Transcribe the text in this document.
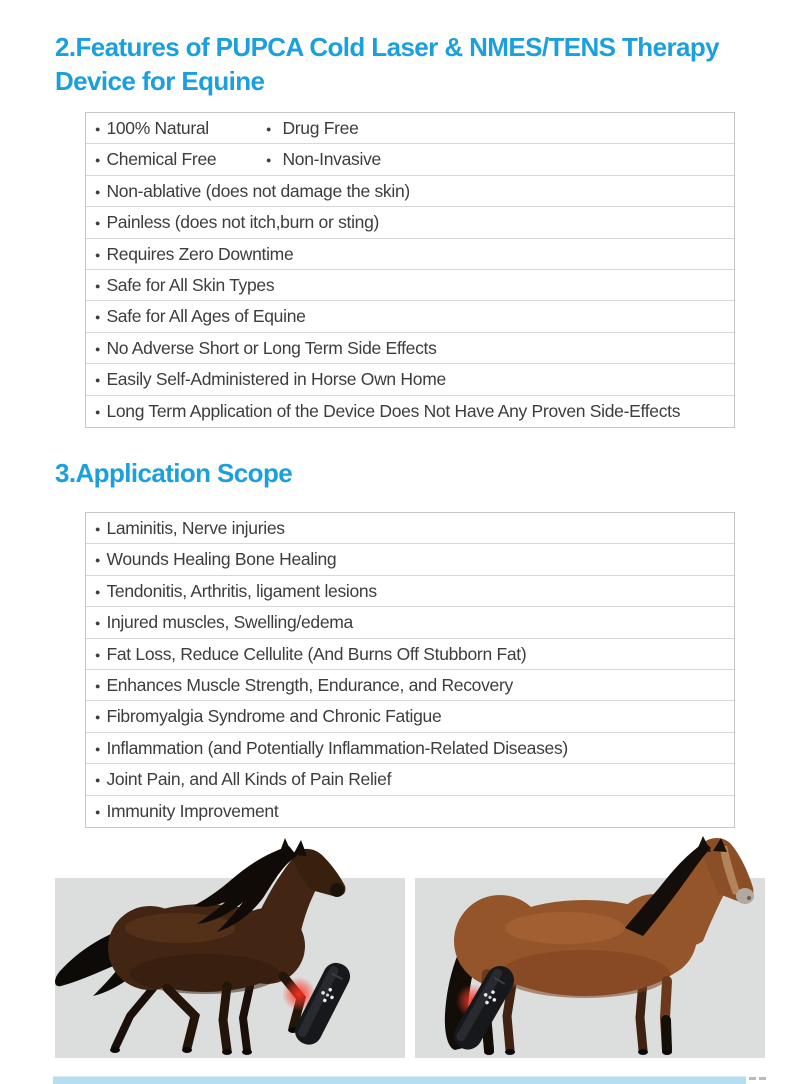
2.Features of PUPCA Cold Laser & NMES/TENS Therapy
Device for Equine
● 100% Natural	● Drug Free
● Chemical Free	● Non-Invasive
● Non-ablative (does not damage the skin)
● Painless (does not itch,burn or sting)
● Requires Zero Downtime
● Safe for All Skin Types
● Safe for All Ages of Equine
● No Adverse Short or Long Term Side Effects
● Easily Self-Administered in Horse Own Home
● Long Term Application of the Device Does Not Have Any Proven Side-Effects
3.Application Scope
● Laminitis, Nerve injuries
● Wounds Healing Bone Healing
● Tendonitis, Arthritis, ligament lesions
● Injured muscles, Swelling/edema
● Fat Loss, Reduce Cellulite (And Burns Off Stubborn Fat)
● Enhances Muscle Strength, Endurance, and Recovery
● Fibromyalgia Syndrome and Chronic Fatigue
● Inflammation (and Potentially Inflammation-Related Diseases)
● Joint Pain, and All Kinds of Pain Relief
● Immunity Improvement
